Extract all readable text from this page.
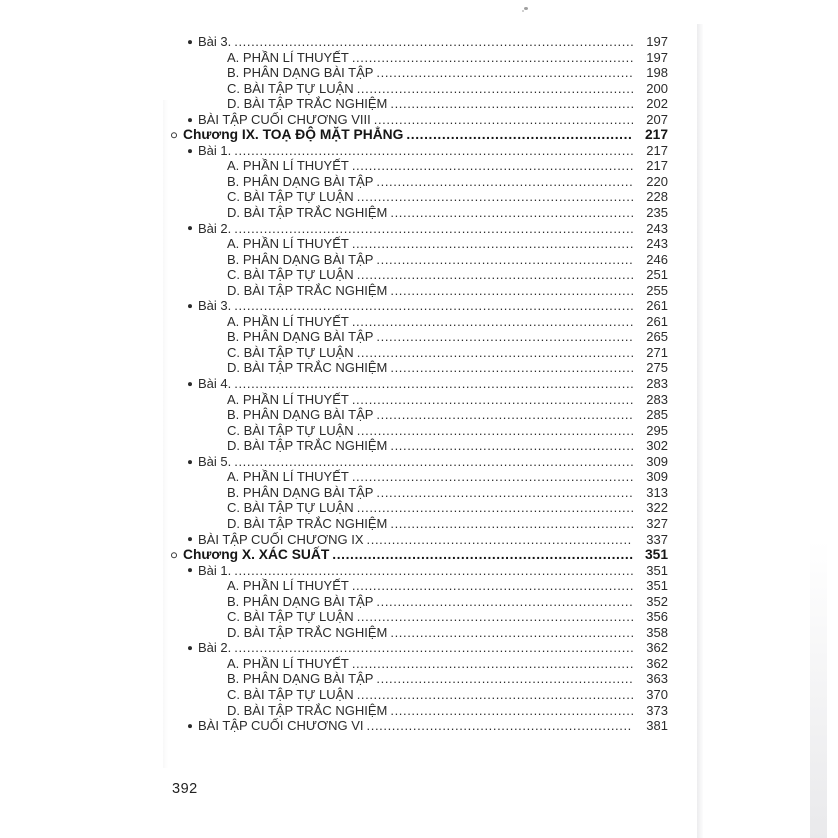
Bài 3. .....	197
A. PHẦN LÍ THUYẾT .....	197
B. PHÂN DẠNG BÀI TẬP .....	198
C. BÀI TẬP TỰ LUẬN .....	200
D. BÀI TẬP TRẮC NGHIỆM .....	202
BÀI TẬP CUỐI CHƯƠNG VIII .....	207
Chương IX. TOẠ ĐỘ MẶT PHẲNG .....	217
Bài 1. .....	217
A. PHẦN LÍ THUYẾT .....	217
B. PHÂN DẠNG BÀI TẬP .....	220
C. BÀI TẬP TỰ LUẬN .....	228
D. BÀI TẬP TRẮC NGHIỆM .....	235
Bài 2. .....	243
A. PHẦN LÍ THUYẾT .....	243
B. PHÂN DẠNG BÀI TẬP .....	246
C. BÀI TẬP TỰ LUẬN .....	251
D. BÀI TẬP TRẮC NGHIỆM .....	255
Bài 3. .....	261
A. PHẦN LÍ THUYẾT .....	261
B. PHÂN DẠNG BÀI TẬP .....	265
C. BÀI TẬP TỰ LUẬN .....	271
D. BÀI TẬP TRẮC NGHIỆM .....	275
Bài 4. .....	283
A. PHẦN LÍ THUYẾT .....	283
B. PHÂN DẠNG BÀI TẬP .....	285
C. BÀI TẬP TỰ LUẬN .....	295
D. BÀI TẬP TRẮC NGHIỆM .....	302
Bài 5. .....	309
A. PHẦN LÍ THUYẾT .....	309
B. PHÂN DẠNG BÀI TẬP .....	313
C. BÀI TẬP TỰ LUẬN .....	322
D. BÀI TẬP TRẮC NGHIỆM .....	327
BÀI TẬP CUỐI CHƯƠNG IX .....	337
Chương X. XÁC SUẤT .....	351
Bài 1. .....	351
A. PHẦN LÍ THUYẾT .....	351
B. PHÂN DẠNG BÀI TẬP .....	352
C. BÀI TẬP TỰ LUẬN .....	356
D. BÀI TẬP TRẮC NGHIỆM .....	358
Bài 2. .....	362
A. PHẦN LÍ THUYẾT .....	362
B. PHÂN DẠNG BÀI TẬP .....	363
C. BÀI TẬP TỰ LUẬN .....	370
D. BÀI TẬP TRẮC NGHIỆM .....	373
BÀI TẬP CUỐI CHƯƠNG VI .....	381
392
